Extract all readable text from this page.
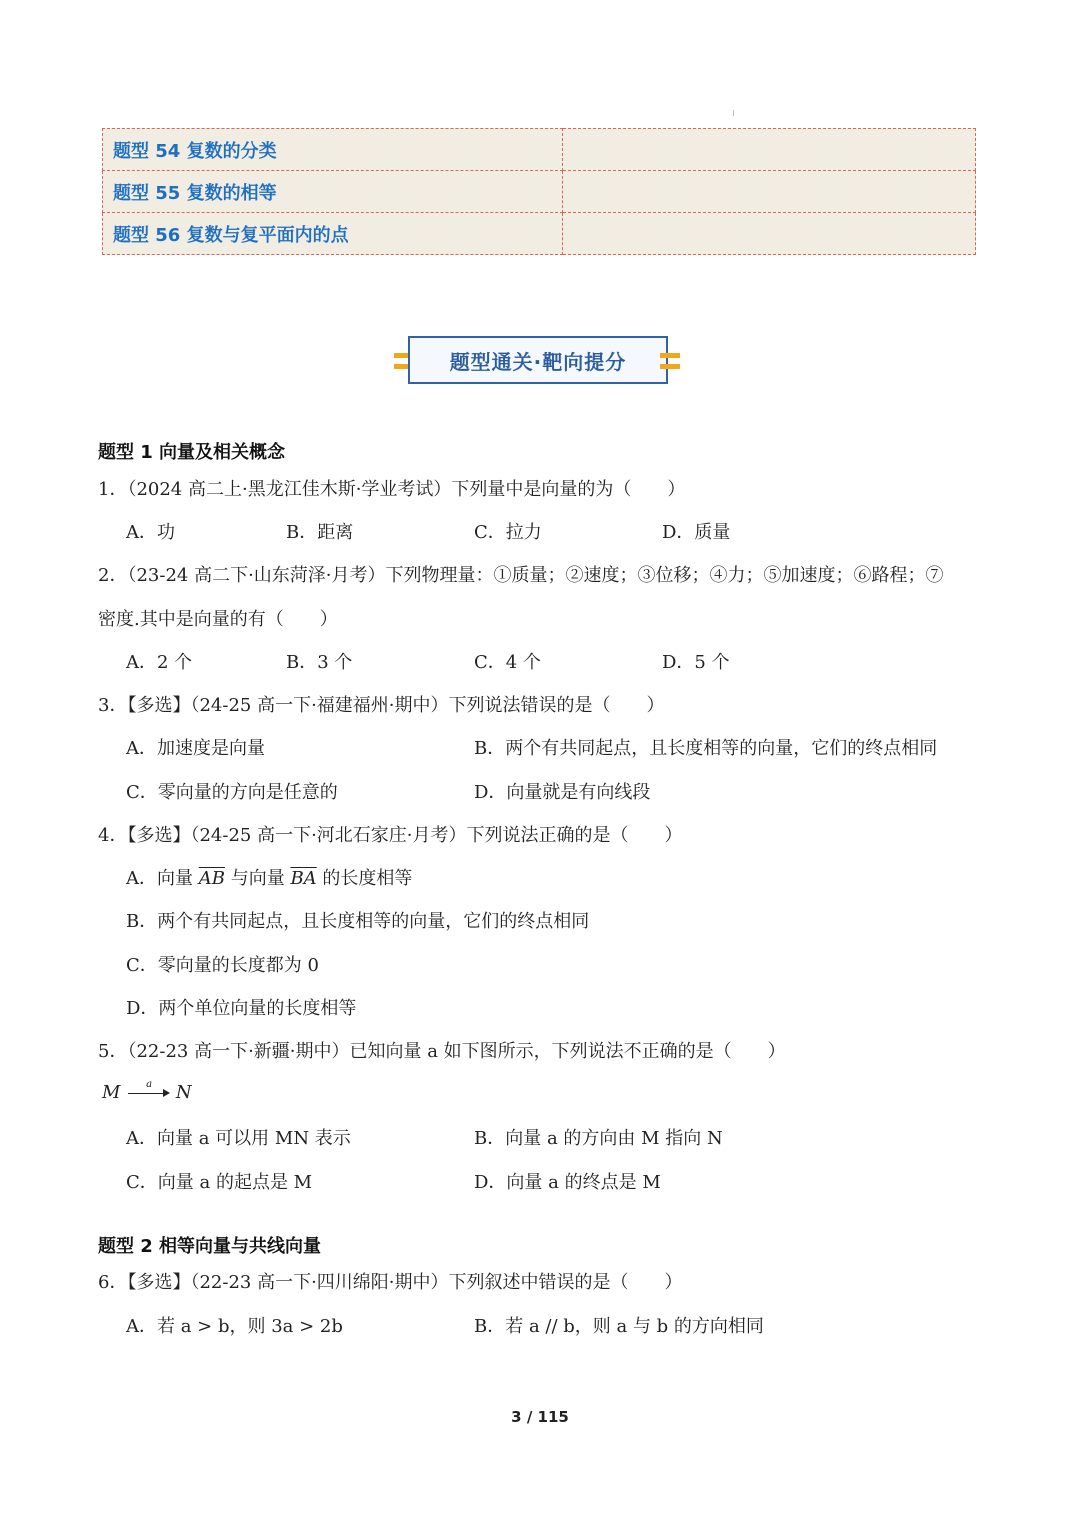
题型 54 复数的分类	
题型 55 复数的相等	
题型 56 复数与复平面内的点	
题型通关·靶向提分
题型 1 向量及相关概念
1．（2024 高二上·黑龙江佳木斯·学业考试）下列量中是向量的为（　　）
A．功	B．距离	C．拉力	D．质量
2．（23-24 高二下·山东菏泽·月考）下列物理量：①质量；②速度；③位移；④力；⑤加速度；⑥路程；⑦
密度.其中是向量的有（　　）
A．2 个	B．3 个	C．4 个	D．5 个
3．【多选】（24-25 高一下·福建福州·期中）下列说法错误的是（　　）
A．加速度是向量	B．两个有共同起点，且长度相等的向量，它们的终点相同
C．零向量的方向是任意的	D．向量就是有向线段
4．【多选】（24-25 高一下·河北石家庄·月考）下列说法正确的是（　　）
A．向量 $\overline{AB}$ 与向量 $\overline{BA}$ 的长度相等
B．两个有共同起点，且长度相等的向量，它们的终点相同
C．零向量的长度都为 0
D．两个单位向量的长度相等
5．（22-23 高一下·新疆·期中）已知向量 a 如下图所示，下列说法不正确的是（　　）
M	a N
A．向量 a 可以用 MN 表示	B．向量 a 的方向由 M 指向 N
C．向量 a 的起点是 M	D．向量 a 的终点是 M
题型 2 相等向量与共线向量
6．【多选】（22-23 高一下·四川绵阳·期中）下列叙述中错误的是（　　）
A．若 a > b，则 3a > 2b	B．若 a // b，则 a 与 b 的方向相同
3 / 115
